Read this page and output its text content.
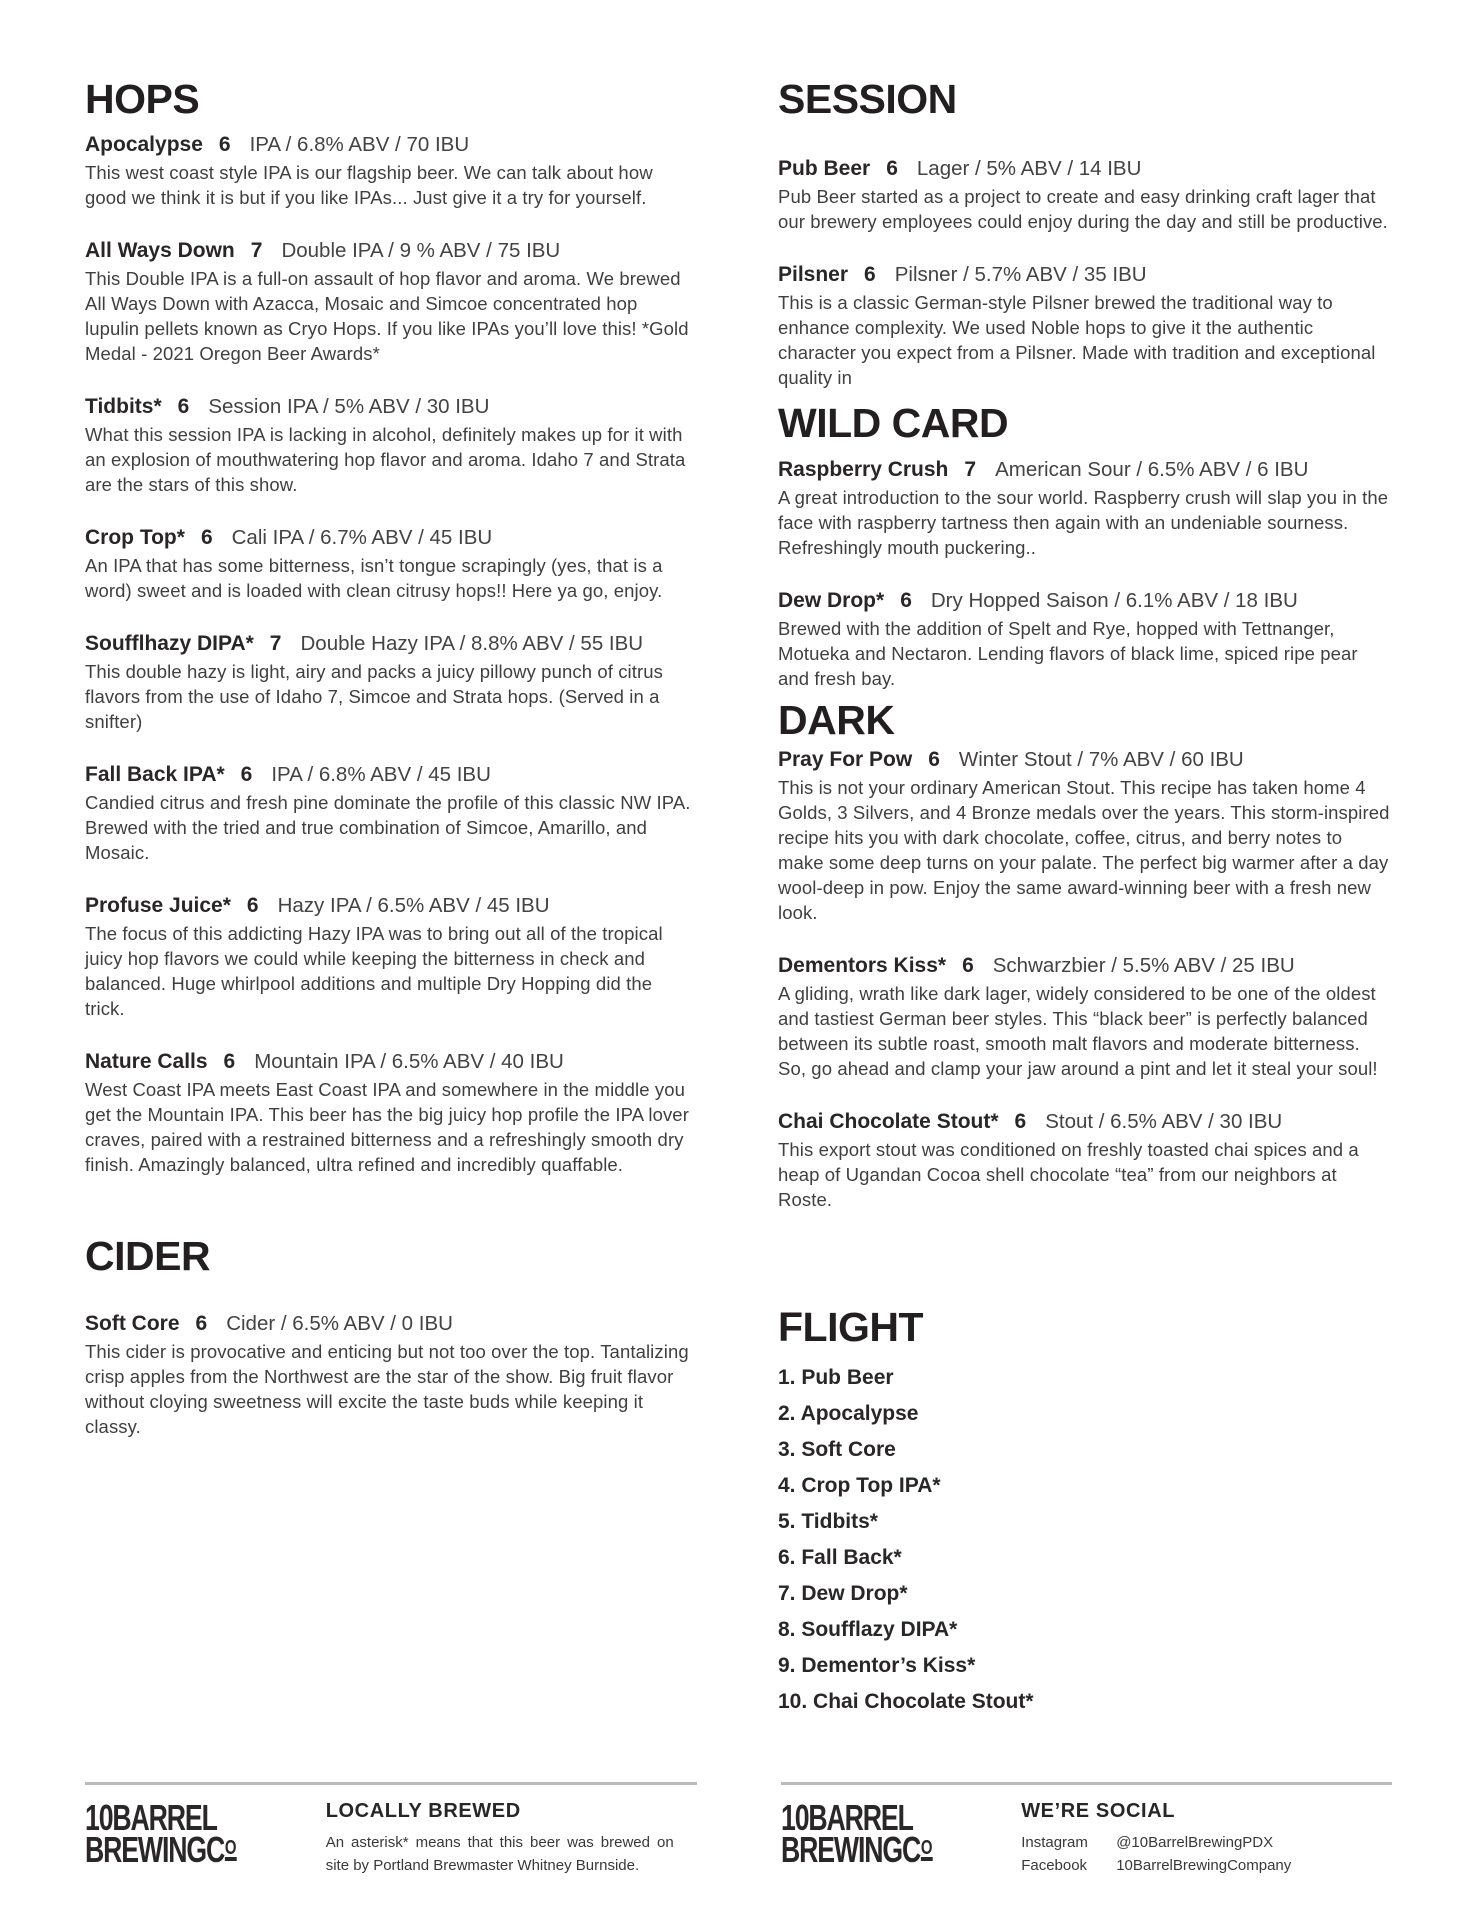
HOPS
Apocalypse 6 IPA / 6.8% ABV / 70 IBU

This west coast style IPA is our flagship beer. We can talk about how good we think it is but if you like IPAs... Just give it a try for yourself.

All Ways Down 7 Double IPA / 9 % ABV / 75 IBU

This Double IPA is a full-on assault of hop flavor and aroma. We brewed All Ways Down with Azacca, Mosaic and Simcoe concentrated hop lupulin pellets known as Cryo Hops. If you like IPAs you’ll love this! *Gold Medal - 2021 Oregon Beer Awards*

Tidbits* 6 Session IPA / 5% ABV / 30 IBU

What this session IPA is lacking in alcohol, definitely makes up for it with an explosion of mouthwatering hop flavor and aroma. Idaho 7 and Strata are the stars of this show.

Crop Top* 6 Cali IPA / 6.7% ABV / 45 IBU

An IPA that has some bitterness, isn’t tongue scrapingly (yes, that is a word) sweet and is loaded with clean citrusy hops!! Here ya go, enjoy.

Soufflhazy DIPA* 7 Double Hazy IPA / 8.8% ABV / 55 IBU

This double hazy is light, airy and packs a juicy pillowy punch of citrus flavors from the use of Idaho 7, Simcoe and Strata hops. (Served in a snifter)

Fall Back IPA* 6 IPA / 6.8% ABV / 45 IBU

Candied citrus and fresh pine dominate the profile of this classic NW IPA. Brewed with the tried and true combination of Simcoe, Amarillo, and Mosaic.

Profuse Juice* 6 Hazy IPA / 6.5% ABV / 45 IBU

The focus of this addicting Hazy IPA was to bring out all of the tropical juicy hop flavors we could while keeping the bitterness in check and balanced. Huge whirlpool additions and multiple Dry Hopping did the trick.

Nature Calls 6 Mountain IPA / 6.5% ABV / 40 IBU

West Coast IPA meets East Coast IPA and somewhere in the middle you get the Mountain IPA. This beer has the big juicy hop profile the IPA lover craves, paired with a restrained bitterness and a refreshingly smooth dry finish. Amazingly balanced, ultra refined and incredibly quaffable.

CIDER
Soft Core 6 Cider / 6.5% ABV / 0 IBU

This cider is provocative and enticing but not too over the top. Tantalizing crisp apples from the Northwest are the star of the show. Big fruit flavor without cloying sweetness will excite the taste buds while keeping it classy.

SESSION
Pub Beer 6 Lager / 5% ABV / 14 IBU

Pub Beer started as a project to create and easy drinking craft lager that our brewery employees could enjoy during the day and still be productive.

Pilsner 6 Pilsner / 5.7% ABV / 35 IBU

This is a classic German-style Pilsner brewed the traditional way to enhance complexity. We used Noble hops to give it the authentic character you expect from a Pilsner. Made with tradition and exceptional quality in

WILD CARD
Raspberry Crush 7 American Sour / 6.5% ABV / 6 IBU

A great introduction to the sour world. Raspberry crush will slap you in the face with raspberry tartness then again with an undeniable sourness. Refreshingly mouth puckering..

Dew Drop* 6 Dry Hopped Saison / 6.1% ABV / 18 IBU

Brewed with the addition of Spelt and Rye, hopped with Tettnanger, Motueka and Nectaron. Lending flavors of black lime, spiced ripe pear and fresh bay.

DARK
Pray For Pow 6 Winter Stout / 7% ABV / 60 IBU

This is not your ordinary American Stout. This recipe has taken home 4 Golds, 3 Silvers, and 4 Bronze medals over the years. This storm-inspired recipe hits you with dark chocolate, coffee, citrus, and berry notes to make some deep turns on your palate. The perfect big warmer after a day wool-deep in pow. Enjoy the same award-winning beer with a fresh new look.

Dementors Kiss* 6 Schwarzbier / 5.5% ABV / 25 IBU

A gliding, wrath like dark lager, widely considered to be one of the oldest and tastiest German beer styles. This “black beer” is perfectly balanced between its subtle roast, smooth malt flavors and moderate bitterness. So, go ahead and clamp your jaw around a pint and let it steal your soul!

Chai Chocolate Stout* 6 Stout / 6.5% ABV / 30 IBU

This export stout was conditioned on freshly toasted chai spices and a heap of Ugandan Cocoa shell chocolate “tea” from our neighbors at Roste.

FLIGHT
1. Pub Beer
2. Apocalypse
3. Soft Core
4. Crop Top IPA*
5. Tidbits*
6. Fall Back*
7. Dew Drop*
8. Soufflazy DIPA*
9. Dementor’s Kiss*
10. Chai Chocolate Stout*
10BARREL
BREWINGCO
LOCALLY BREWED

An asterisk* means that this beer was brewed on site by Portland Brewmaster Whitney Burnside.

10BARREL
BREWINGCO
WE’RE SOCIAL
Instagram	@10BarrelBrewingPDX
Facebook	10BarrelBrewingCompany
